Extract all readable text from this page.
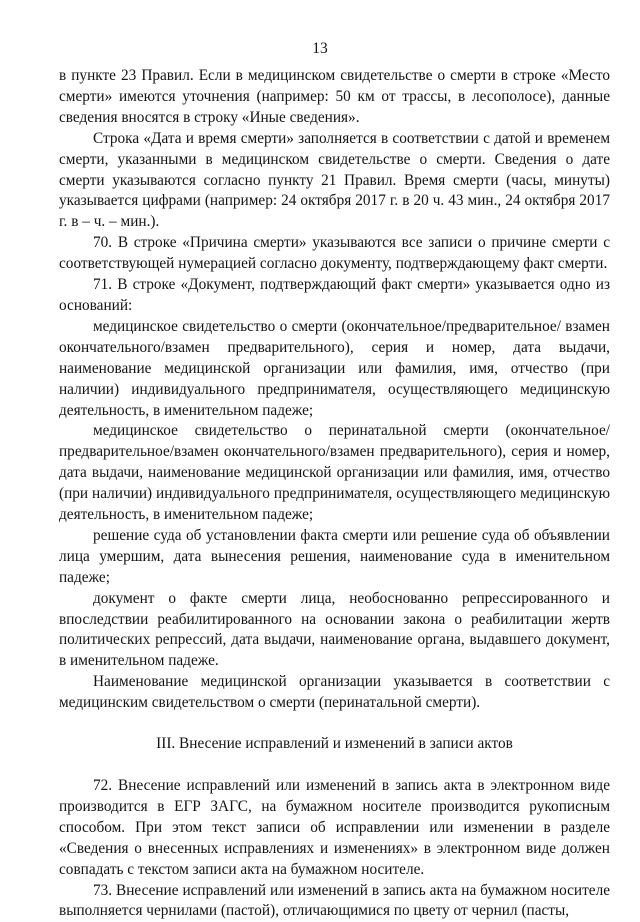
13

в пункте 23 Правил. Если в медицинском свидетельстве о смерти в строке «Место смерти» имеются уточнения (например: 50 км от трассы, в лесополосе), данные сведения вносятся в строку «Иные сведения».

Строка «Дата и время смерти» заполняется в соответствии с датой и временем смерти, указанными в медицинском свидетельстве о смерти. Сведения о дате смерти указываются согласно пункту 21 Правил. Время смерти (часы, минуты) указывается цифрами (например: 24 октября 2017 г. в 20 ч. 43 мин., 24 октября 2017 г. в – ч. – мин.).

70. В строке «Причина смерти» указываются все записи о причине смерти с соответствующей нумерацией согласно документу, подтверждающему факт смерти.

71. В строке «Документ, подтверждающий факт смерти» указывается одно из оснований:

медицинское свидетельство о смерти (окончательное/предварительное/ взамен окончательного/взамен предварительного), серия и номер, дата выдачи, наименование медицинской организации или фамилия, имя, отчество (при наличии) индивидуального предпринимателя, осуществляющего медицинскую деятельность, в именительном падеже;

медицинское свидетельство о перинатальной смерти (окончательное/ предварительное/взамен окончательного/взамен предварительного), серия и номер, дата выдачи, наименование медицинской организации или фамилия, имя, отчество (при наличии) индивидуального предпринимателя, осуществляющего медицинскую деятельность, в именительном падеже;

решение суда об установлении факта смерти или решение суда об объявлении лица умершим, дата вынесения решения, наименование суда в именительном падеже;

документ о факте смерти лица, необоснованно репрессированного и впоследствии реабилитированного на основании закона о реабилитации жертв политических репрессий, дата выдачи, наименование органа, выдавшего документ, в именительном падеже.

Наименование медицинской организации указывается в соответствии с медицинским свидетельством о смерти (перинатальной смерти).

III. Внесение исправлений и изменений в записи актов

72. Внесение исправлений или изменений в запись акта в электронном виде производится в ЕГР ЗАГС, на бумажном носителе производится рукописным способом. При этом текст записи об исправлении или изменении в разделе «Сведения о внесенных исправлениях и изменениях» в электронном виде должен совпадать с текстом записи акта на бумажном носителе.

73. Внесение исправлений или изменений в запись акта на бумажном носителе выполняется чернилами (пастой), отличающимися по цвету от чернил (пасты,
